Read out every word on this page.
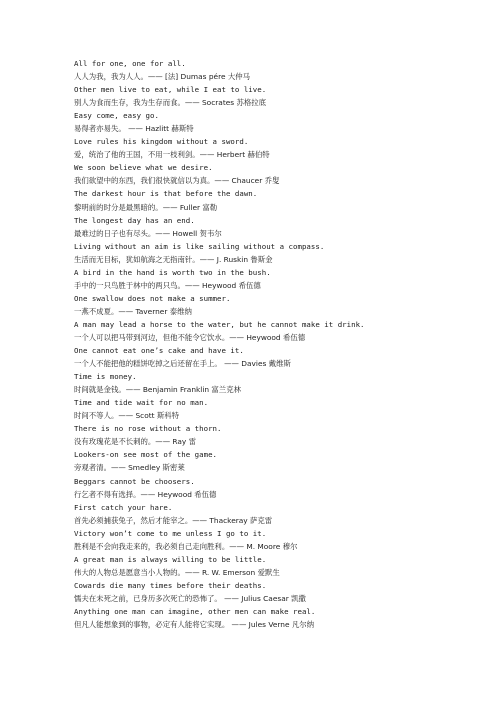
All for one, one for all.
人人为我，我为人人。—— [法] Dumas pére 大仲马
Other men live to eat, while I eat to live.
别人为食而生存，我为生存而食。—— Socrates 苏格拉底
Easy come, easy go.
易得者亦易失。 —— Hazlitt 赫斯特
Love rules his kingdom without a sword.
爱，统治了他的王国，不用一枝利剑。—— Herbert 赫伯特
We soon believe what we desire.
我们欲望中的东西，我们很快就信以为真。—— Chaucer 乔叟
The darkest hour is that before the dawn.
黎明前的时分是最黑暗的。—— Fuller 富勒
The longest day has an end.
最难过的日子也有尽头。—— Howell 贺韦尔
Living without an aim is like sailing without a compass.
生活而无目标，犹如航海之无指南针。—— J. Ruskin 鲁斯金
A bird in the hand is worth two in the bush.
手中的一只鸟胜于林中的两只鸟。—— Heywood 希伍德
One swallow does not make a summer.
一燕不成夏。—— Taverner 泰维纳
A man may lead a horse to the water, but he cannot make it drink.
一个人可以把马带到河边，但他不能令它饮水。—— Heywood 希伍德
One cannot eat one’s cake and have it.
一个人不能把他的糕饼吃掉之后还留在手上。 —— Davies 戴维斯
Time is money.
时间就是金钱。—— Benjamin Franklin 富兰克林
Time and tide wait for no man.
时间不等人。—— Scott 斯科特
There is no rose without a thorn.
没有玫瑰花是不长刺的。—— Ray 雷
Lookers-on see most of the game.
旁观者清。—— Smedley 斯密莱
Beggars cannot be choosers.
行乞者不得有选择。—— Heywood 希伍德
First catch your hare.
首先必须捕获兔子，然后才能宰之。—— Thackeray 萨克雷
Victory won’t come to me unless I go to it.
胜利是不会向我走来的，我必须自己走向胜利。—— M. Moore 穆尔
A great man is always willing to be little.
伟大的人物总是愿意当小人物的。—— R. W. Emerson 爱默生
Cowards die many times before their deaths.
懦夫在未死之前，已身历多次死亡的恐怖了。 —— Julius Caesar 凯撒
Anything one man can imagine, other men can make real.
但凡人能想象到的事物，必定有人能将它实现。 —— Jules Verne 凡尔纳
